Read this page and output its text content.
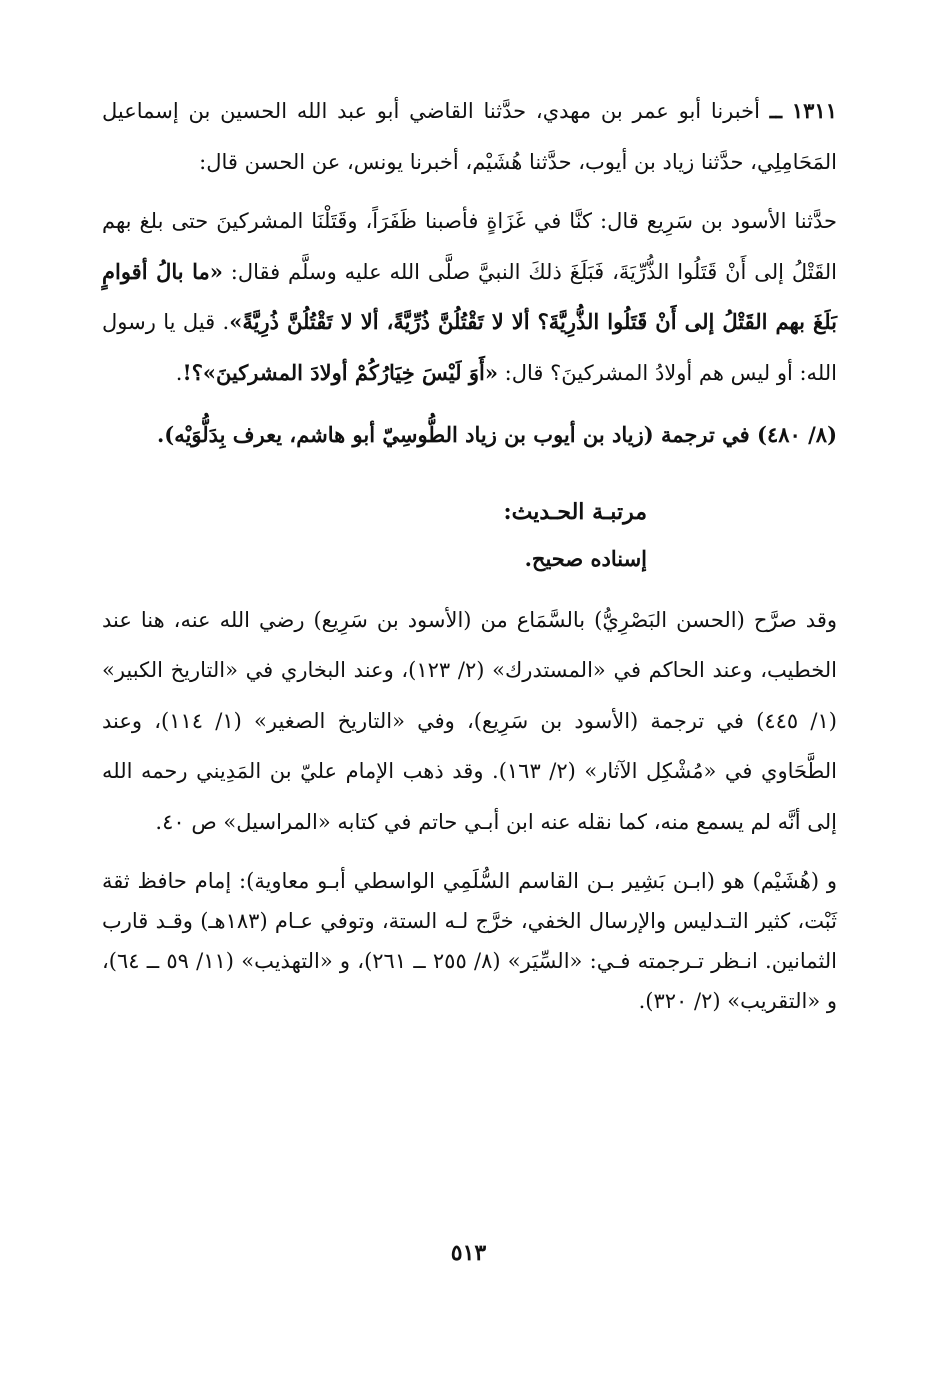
١٣١١ ــ أخبرنا أبو عمر بن مهدي، حدَّثنا القاضي أبو عبد الله الحسين بن إسماعيل المَحَامِلِي، حدَّثنا زياد بن أيوب، حدَّثنا هُشَيْم، أخبرنا يونس، عن الحسن قال:

حدَّثنا الأسود بن سَرِيع قال: كنَّا في غَزَاةٍ فأصبنا ظَفَرَاً، وقَتَلْنَا المشركينَ حتى بلغ بهم القَتْلُ إلى أَنْ قَتَلُوا الذُّرِّيَةَ، فَبَلَغَ ذلكَ النبيَّ صلَّى الله عليه وسلَّم فقال: «ما بالُ أقوامٍ بَلَغَ بهم القَتْلُ إلى أَنْ قَتَلُوا الذُّرِيَّةَ؟ ألا لا تَقْتُلُنَّ ذُرِّيَّةً، ألا لا تَقْتُلُنَّ ذُرِيَّةً». قيل يا رسول الله: أو ليس هم أولادُ المشركينَ؟ قال: «أَوَ لَيْسَ خِيَارُكُمْ أولادَ المشركينَ»؟!.

(٨/ ٤٨٠) في ترجمة (زياد بن أيوب بن زياد الطُّوسِيّ أبو هاشم، يعرف بِدَلُّوَيْه).

مرتبـة الحـديث:

إسناده صحيح.

وقد صرَّح (الحسن البَصْرِيُّ) بالسَّمَاع من (الأسود بن سَرِيع) رضي الله عنه، هنا عند الخطيب، وعند الحاكم في «المستدرك» (٢/ ١٢٣)، وعند البخاري في «التاريخ الكبير» (١/ ٤٤٥) في ترجمة (الأسود بن سَرِيع)، وفي «التاريخ الصغير» (١/ ١١٤)، وعند الطَّحَاوي في «مُشْكِل الآثار» (٢/ ١٦٣). وقد ذهب الإمام عليّ بن المَدِيني رحمه الله إلى أنَّه لم يسمع منه، كما نقله عنه ابن أبـي حاتم في كتابه «المراسيل» ص ٤٠.

و (هُشَيْم) هو (ابـن بَشِير بـن القاسم السُّلَمِي الواسطي أبـو معاوية): إمام حافظ ثقة ثَبْت، كثير التـدليس والإرسال الخفي، خرَّج لـه الستة، وتوفي عـام (١٨٣هـ) وقـد قارب الثمانين. انـظر تـرجمته فـي: «السِّيَر» (٨/ ٢٥٥ ــ ٢٦١)، و «التهذيب» (١١/ ٥٩ ــ ٦٤)، و «التقريب» (٢/ ٣٢٠).

٥١٣
